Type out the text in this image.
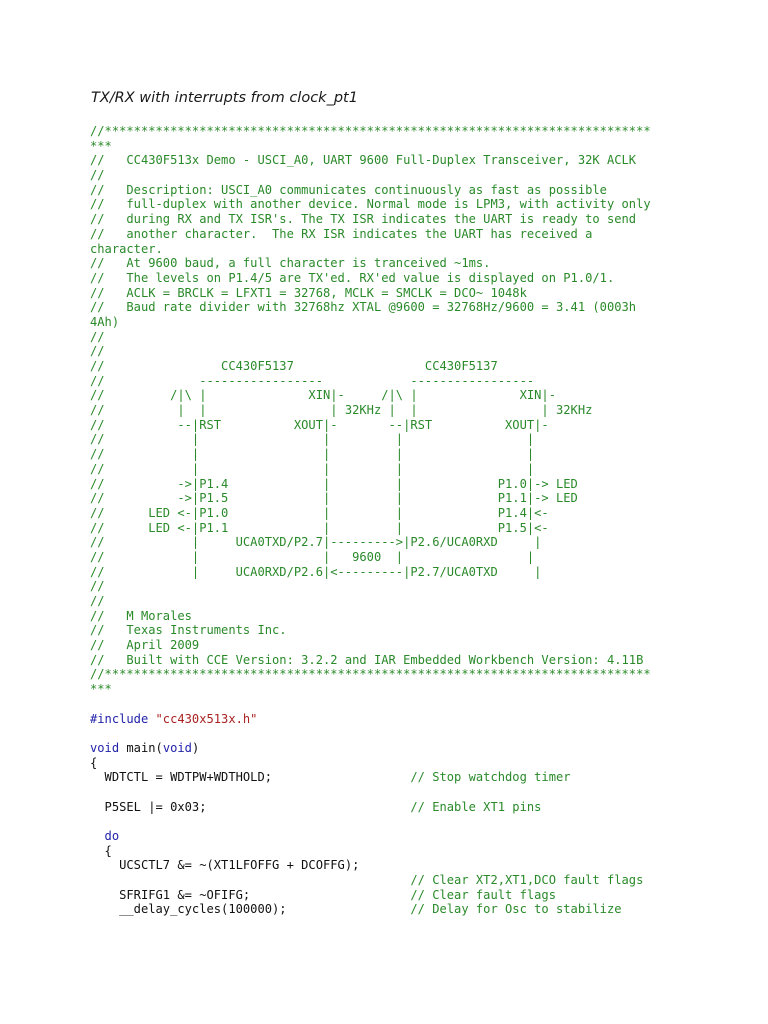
TX/RX with interrupts from clock_pt1
//***************************************************************************
***
//   CC430F513x Demo - USCI_A0, UART 9600 Full-Duplex Transceiver, 32K ACLK
//
//   Description: USCI_A0 communicates continuously as fast as possible
//   full-duplex with another device. Normal mode is LPM3, with activity only
//   during RX and TX ISR's. The TX ISR indicates the UART is ready to send
//   another character.  The RX ISR indicates the UART has received a
character.
//   At 9600 baud, a full character is tranceived ~1ms.
//   The levels on P1.4/5 are TX'ed. RX'ed value is displayed on P1.0/1.
//   ACLK = BRCLK = LFXT1 = 32768, MCLK = SMCLK = DCO~ 1048k
//   Baud rate divider with 32768hz XTAL @9600 = 32768Hz/9600 = 3.41 (0003h
4Ah)
//
//
//                CC430F5137                  CC430F5137
//             -----------------            -----------------
//         /|\ |              XIN|-     /|\ |              XIN|-
//          |  |                 | 32KHz |  |                 | 32KHz
//          --|RST          XOUT|-       --|RST          XOUT|-
//            |                 |         |                 |
//            |                 |         |                 |
//            |                 |         |                 |
//          ->|P1.4             |         |             P1.0|-> LED
//          ->|P1.5             |         |             P1.1|-> LED
//      LED <-|P1.0             |         |             P1.4|<-
//      LED <-|P1.1             |         |             P1.5|<-
//            |     UCA0TXD/P2.7|--------->|P2.6/UCA0RXD     |
//            |                 |   9600  |                 |
//            |     UCA0RXD/P2.6|<---------|P2.7/UCA0TXD     |
//
//
//   M Morales
//   Texas Instruments Inc.
//   April 2009
//   Built with CCE Version: 3.2.2 and IAR Embedded Workbench Version: 4.11B
//***************************************************************************
***
#include "cc430x513x.h"
void main(void)
{
WDTCTL = WDTPW+WDTHOLD;                   // Stop watchdog timer
P5SEL |= 0x03;                            // Enable XT1 pins
do
{
UCSCTL7 &= ~(XT1LFOFFG + DCOFFG);
// Clear XT2,XT1,DCO fault flags
SFRIFG1 &= ~OFIFG;                      // Clear fault flags
__delay_cycles(100000);                 // Delay for Osc to stabilize
